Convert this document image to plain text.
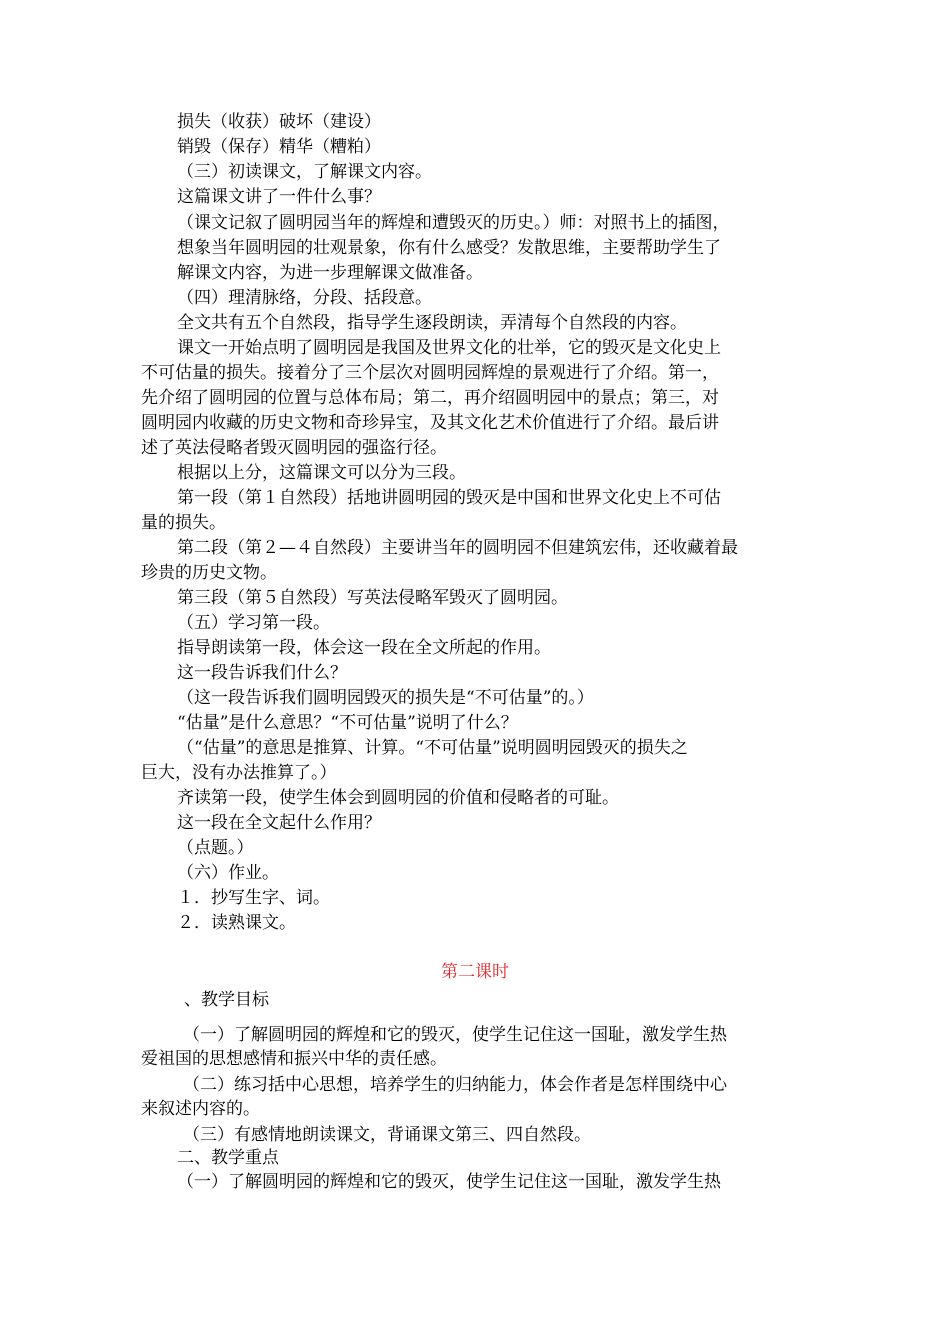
损失（收获）破坏（建设）
销毁（保存）精华（糟粕）
（三）初读课文，了解课文内容。
这篇课文讲了一件什么事？
（课文记叙了圆明园当年的辉煌和遭毁灭的历史。）师：对照书上的插图，
想象当年圆明园的壮观景象，你有什么感受？发散思维，主要帮助学生了
解课文内容，为进一步理解课文做准备。
（四）理清脉络，分段、括段意。
全文共有五个自然段，指导学生逐段朗读，弄清每个自然段的内容。
课文一开始点明了圆明园是我国及世界文化的壮举，它的毁灭是文化史上
不可估量的损失。接着分了三个层次对圆明园辉煌的景观进行了介绍。第一，
先介绍了圆明园的位置与总体布局；第二，再介绍圆明园中的景点；第三，对
圆明园内收藏的历史文物和奇珍异宝，及其文化艺术价值进行了介绍。最后讲
述了英法侵略者毁灭圆明园的强盗行径。
根据以上分，这篇课文可以分为三段。
第一段（第１自然段）括地讲圆明园的毁灭是中国和世界文化史上不可估
量的损失。
第二段（第２—４自然段）主要讲当年的圆明园不但建筑宏伟，还收藏着最
珍贵的历史文物。
第三段（第５自然段）写英法侵略军毁灭了圆明园。
（五）学习第一段。
指导朗读第一段，体会这一段在全文所起的作用。
这一段告诉我们什么？
（这一段告诉我们圆明园毁灭的损失是“不可估量”的。）
“估量”是什么意思？“不可估量”说明了什么？
（“估量”的意思是推算、计算。“不可估量”说明圆明园毁灭的损失之
巨大，没有办法推算了。）
齐读第一段，使学生体会到圆明园的价值和侵略者的可耻。
这一段在全文起什么作用？
（点题。）
（六）作业。
１．抄写生字、词。
２．读熟课文。
第二课时
、教学目标
（一）了解圆明园的辉煌和它的毁灭，使学生记住这一国耻，激发学生热
爱祖国的思想感情和振兴中华的责任感。
（二）练习括中心思想，培养学生的归纳能力，体会作者是怎样围绕中心
来叙述内容的。
（三）有感情地朗读课文，背诵课文第三、四自然段。
二、教学重点
（一）了解圆明园的辉煌和它的毁灭，使学生记住这一国耻，激发学生热
